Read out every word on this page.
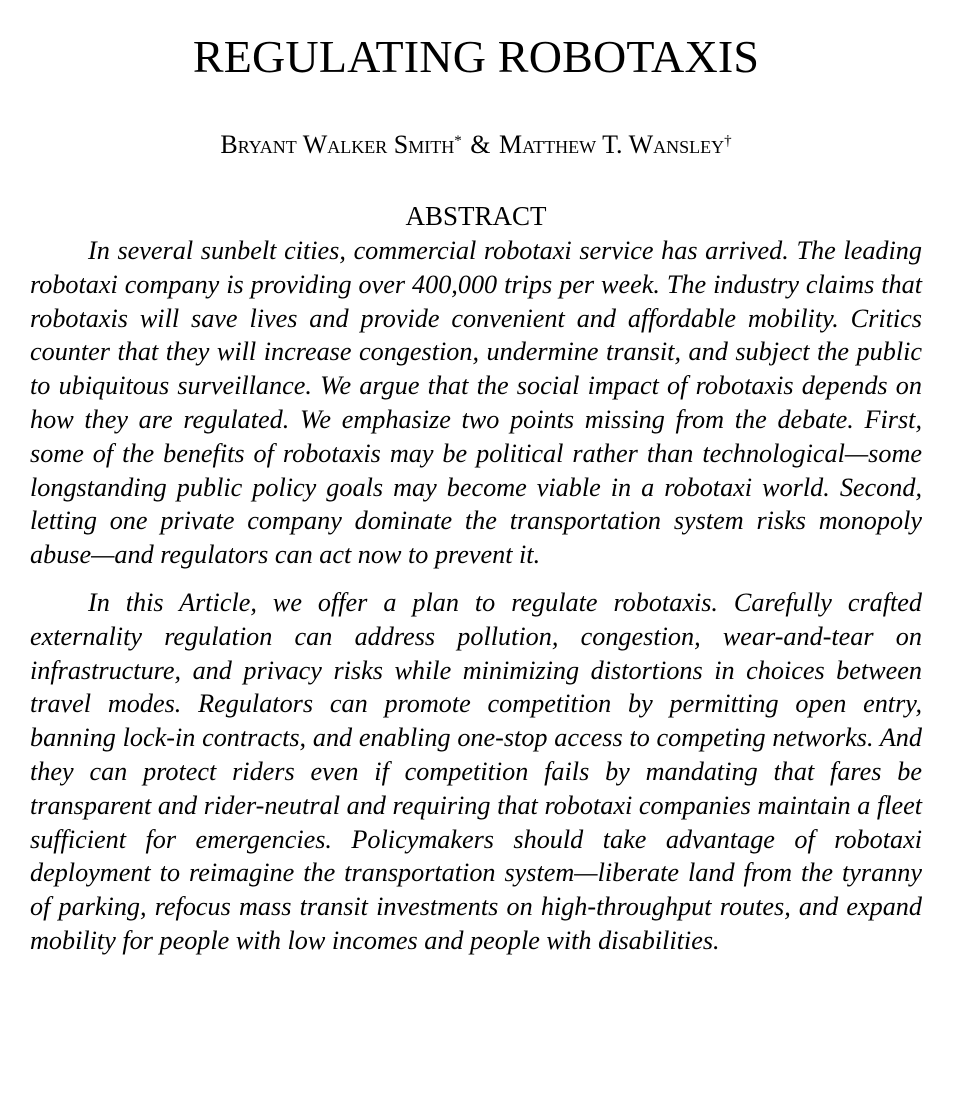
REGULATING ROBOTAXIS

Bryant Walker Smith* & Matthew T. Wansley†

ABSTRACT

In several sunbelt cities, commercial robotaxi service has arrived. The leading robotaxi company is providing over 400,000 trips per week. The industry claims that robotaxis will save lives and provide convenient and affordable mobility. Critics counter that they will increase congestion, undermine transit, and subject the public to ubiquitous surveillance. We argue that the social impact of robotaxis depends on how they are regulated. We emphasize two points missing from the debate. First, some of the benefits of robotaxis may be political rather than technological—some longstanding public policy goals may become viable in a robotaxi world. Second, letting one private company dominate the transportation system risks monopoly abuse—and regulators can act now to prevent it.

In this Article, we offer a plan to regulate robotaxis. Carefully crafted externality regulation can address pollution, congestion, wear-and-tear on infrastructure, and privacy risks while minimizing distortions in choices between travel modes. Regulators can promote competition by permitting open entry, banning lock-in contracts, and enabling one-stop access to competing networks. And they can protect riders even if competition fails by mandating that fares be transparent and rider-neutral and requiring that robotaxi companies maintain a fleet sufficient for emergencies. Policymakers should take advantage of robotaxi deployment to reimagine the transportation system—liberate land from the tyranny of parking, refocus mass transit investments on high-throughput routes, and expand mobility for people with low incomes and people with disabilities.
